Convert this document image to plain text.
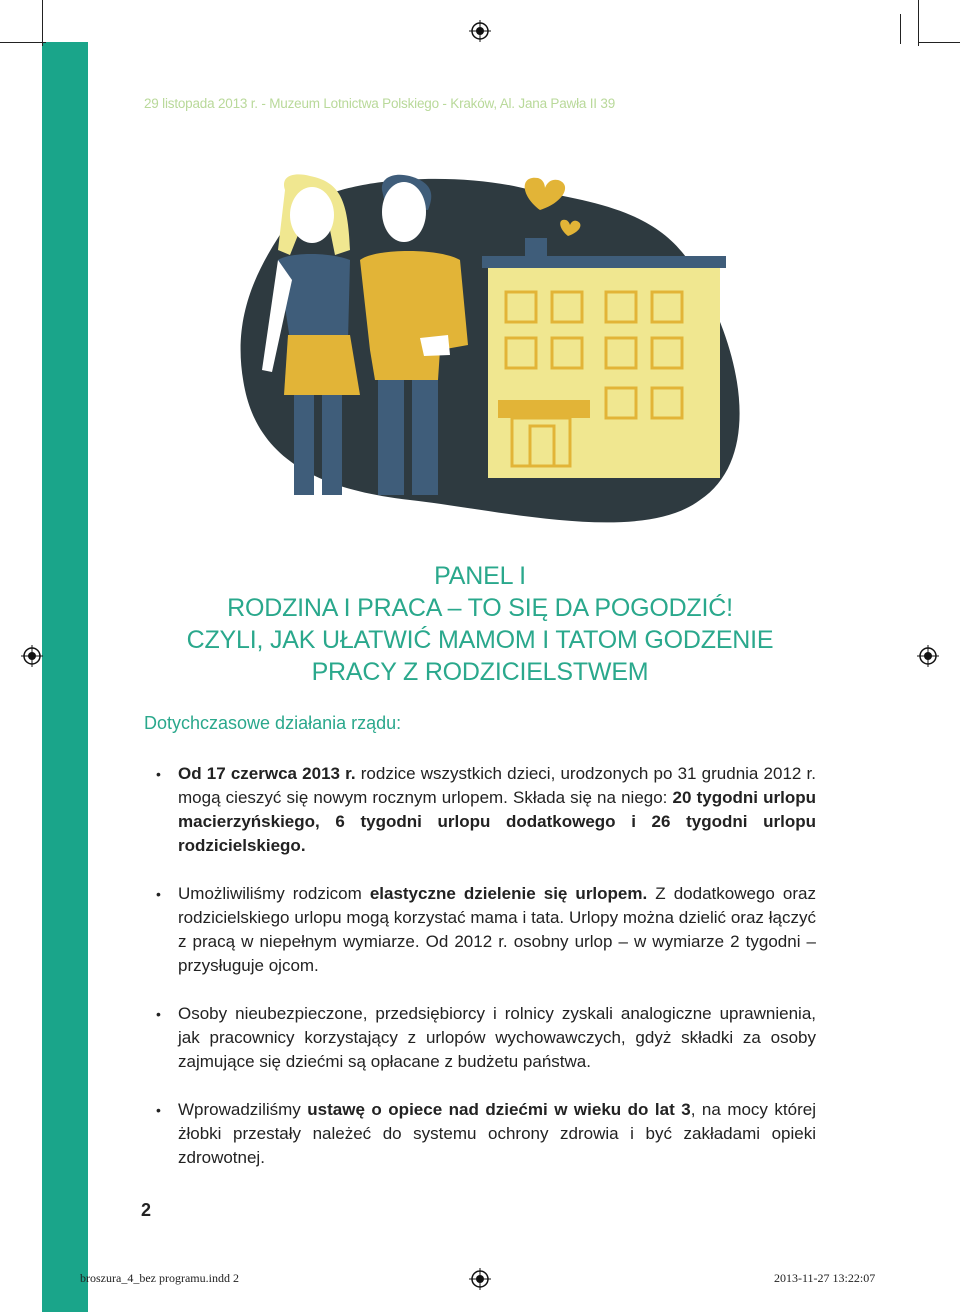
29 listopada 2013 r. - Muzeum Lotnictwa Polskiego - Kraków, Al. Jana Pawła II 39
PANEL I
RODZINA I PRACA – TO SIĘ DA POGODZIĆ!
CZYLI, JAK UŁATWIĆ MAMOM I TATOM GODZENIE
PRACY Z RODZICIELSTWEM
Dotychczasowe działania rządu:
• Od 17 czerwca 2013 r. rodzice wszystkich dzieci, urodzonych po 31 grudnia 2012 r. mogą cieszyć się nowym rocznym urlopem. Składa się na niego: 20 tygodni urlopu macierzyńskiego, 6 tygodni urlopu dodatkowego i 26 tygodni urlopu rodzicielskiego.
• Umożliwiliśmy rodzicom elastyczne dzielenie się urlopem. Z dodatkowego oraz rodzicielskiego urlopu mogą korzystać mama i tata. Urlopy można dzielić oraz łączyć z pracą w niepełnym wymiarze. Od 2012 r. osobny urlop – w wymiarze 2 tygodni – przysługuje ojcom.
• Osoby nieubezpieczone, przedsiębiorcy i rolnicy zyskali analogiczne uprawnienia, jak pracownicy korzystający z urlopów wychowawczych, gdyż składki za osoby zajmujące się dziećmi są opłacane z budżetu państwa.
• Wprowadziliśmy ustawę o opiece nad dziećmi w wieku do lat 3, na mocy której żłobki przestały należeć do systemu ochrony zdrowia i być zakładami opieki zdrowotnej.
2
broszura_4_bez programu.indd 2	2013-11-27 13:22:07
